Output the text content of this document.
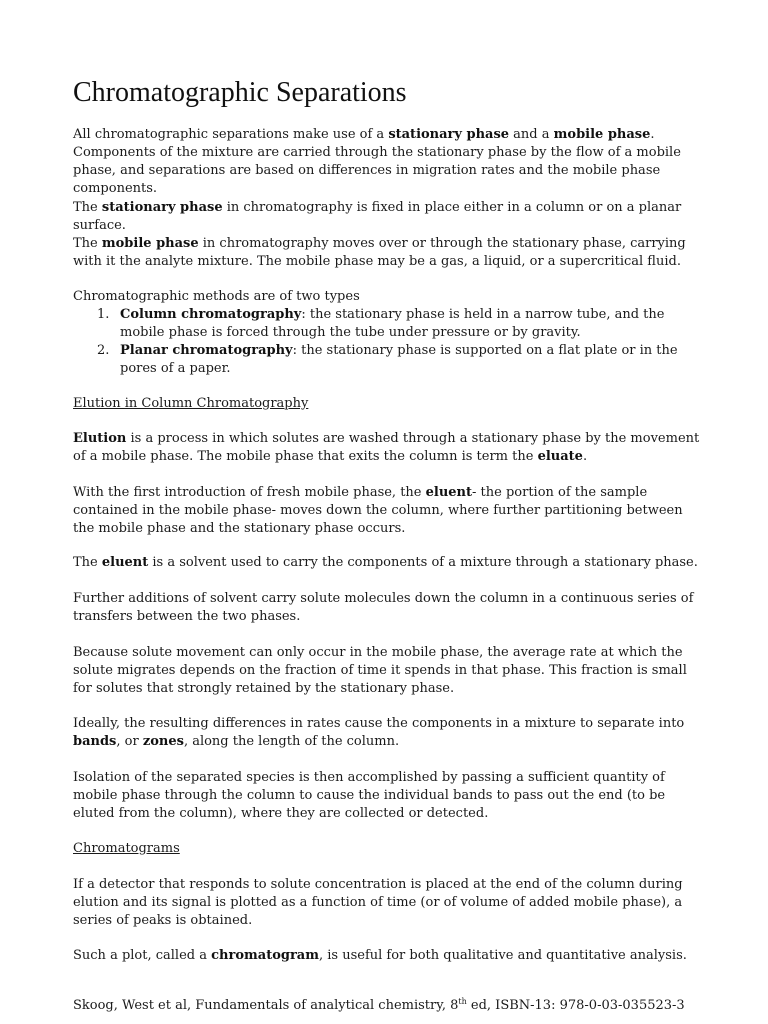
Chromatographic Separations

All chromatographic separations make use of a stationary phase and a mobile phase. Components of the mixture are carried through the stationary phase by the flow of a mobile phase, and separations are based on differences in migration rates and the mobile phase components.

The stationary phase in chromatography is fixed in place either in a column or on a planar surface.

The mobile phase in chromatography moves over or through the stationary phase, carrying with it the analyte mixture. The mobile phase may be a gas, a liquid, or a supercritical fluid.

Chromatographic methods are of two types

1. Column chromatography: the stationary phase is held in a narrow tube, and the mobile phase is forced through the tube under pressure or by gravity.
2. Planar chromatography: the stationary phase is supported on a flat plate or in the pores of a paper.

Elution in Column Chromatography

Elution is a process in which solutes are washed through a stationary phase by the movement of a mobile phase. The mobile phase that exits the column is term the eluate.

With the first introduction of fresh mobile phase, the eluent- the portion of the sample contained in the mobile phase- moves down the column, where further partitioning between the mobile phase and the stationary phase occurs.

The eluent is a solvent used to carry the components of a mixture through a stationary phase.

Further additions of solvent carry solute molecules down the column in a continuous series of transfers between the two phases.

Because solute movement can only occur in the mobile phase, the average rate at which the solute migrates depends on the fraction of time it spends in that phase. This fraction is small for solutes that strongly retained by the stationary phase.

Ideally, the resulting differences in rates cause the components in a mixture to separate into bands, or zones, along the length of the column.

Isolation of the separated species is then accomplished by passing a sufficient quantity of mobile phase through the column to cause the individual bands to pass out the end (to be eluted from the column), where they are collected or detected.

Chromatograms

If a detector that responds to solute concentration is placed at the end of the column during elution and its signal is plotted as a function of time (or of volume of added mobile phase), a series of peaks is obtained.

Such a plot, called a chromatogram, is useful for both qualitative and quantitative analysis.

Skoog, West et al, Fundamentals of analytical chemistry, 8th ed, ISBN-13: 978-0-03-035523-3
